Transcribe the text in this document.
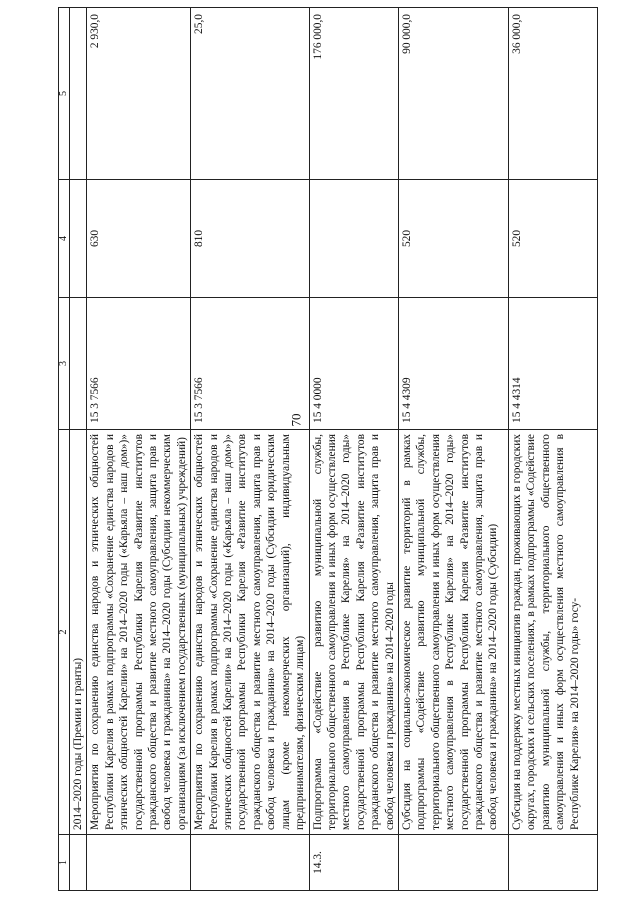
70
1	2	3	4	5
	2014–2020 годы (Премии и гранты)			
	Мероприятия по сохранению единства народов и этнических общностей Республики Карелия в рамках подпрограммы «Сохранение единства народов и этнических общностей Карелии» на 2014–2020 годы («Карьяла – наш дом»)» государственной программы Республики Карелия «Развитие институтов гражданского общества и развитие местного самоуправления, защита прав и свобод человека и гражданина» на 2014–2020 годы (Субсидии некоммерческим организациям (за исключением государственных (муниципальных) учреждений)	15 3 7566	630	2 930,0
	Мероприятия по сохранению единства народов и этнических общностей Республики Карелия в рамках подпрограммы «Сохранение единства народов и этнических общностей Карелии» на 2014–2020 годы («Карьяла – наш дом»)» государственной программы Республики Карелия «Развитие институтов гражданского общества и развитие местного самоуправления, защита прав и свобод человека и гражданина» на 2014–2020 годы (Субсидии юридическим лицам (кроме некоммерческих организаций), индивидуальным предпринимателям, физическим лицам)	15 3 7566	810	25,0
14.3.	Подпрограмма «Содействие развитию муниципальной службы, территориального общественного самоуправления и иных форм осуществления местного самоуправления в Республике Карелия» на 2014–2020 годы» государственной программы Республики Карелия «Развитие институтов гражданского общества и развитие местного самоуправления, защита прав и свобод человека и гражданина» на 2014–2020 годы	15 4 0000		176 000,0
	Субсидия на социально-экономическое развитие территорий в рамках подпрограммы «Содействие развитию муниципальной службы, территориального общественного самоуправления и иных форм осуществления местного самоуправления в Республике Карелия» на 2014–2020 годы» государственной программы Республики Карелия «Развитие институтов гражданского общества и развитие местного самоуправления, защита прав и свобод человека и гражданина» на 2014–2020 годы (Субсидии)	15 4 4309	520	90 000,0
	Субсидия на поддержку местных инициатив граждан, проживающих в городских округах, городских и сельских поселениях, в рамках подпрограммы «Содействие развитию муниципальной службы, территориального общественного самоуправления и иных форм осуществления местного самоуправления в Республике Карелия» на 2014–2020 годы» госу-	15 4 4314	520	36 000,0
